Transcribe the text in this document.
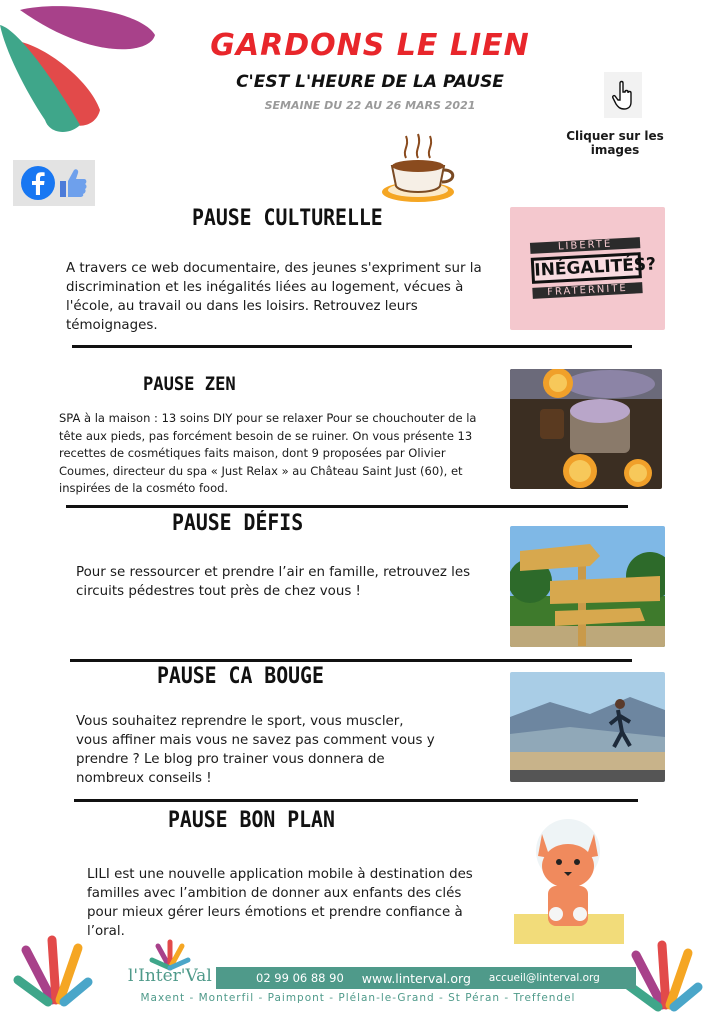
GARDONS LE LIEN
C'EST L'HEURE DE LA PAUSE
SEMAINE DU 22 AU 26 MARS 2021
Cliquer sur les images
PAUSE CULTURELLE
A travers ce web documentaire, des jeunes s'expriment sur la discrimination et les inégalités liées au logement, vécues à l'école, au travail ou dans les loisirs. Retrouvez leurs témoignages.
LIBERTÉ
INÉGALITÉS?
FRATERNITÉ
PAUSE ZEN
SPA à la maison : 13 soins DIY pour se relaxer Pour se chouchouter de la tête aux pieds, pas forcément besoin de se ruiner. On vous présente 13 recettes de cosmétiques faits maison, dont 9 proposées par Olivier Coumes, directeur du spa « Just Relax » au Château Saint Just (60), et inspirées de la cosméto food.
PAUSE DÉFIS
Pour se ressourcer et prendre l’air en famille, retrouvez les circuits pédestres tout près de chez vous !
PAUSE CA BOUGE
Vous souhaitez reprendre le sport, vous muscler, vous affiner mais vous ne savez pas comment vous y prendre ? Le blog pro trainer vous donnera de nombreux conseils !
PAUSE BON PLAN
LILI est une nouvelle application mobile à destination des familles avec l’ambition de donner aux enfants des clés pour mieux gérer leurs émotions et prendre confiance à l’oral.
l'Inter'Val	02 99 06 88 90 www.linterval.org accueil@linterval.org
Maxent - Monterfil - Paimpont - Plélan-le-Grand - St Péran - Treffendel
